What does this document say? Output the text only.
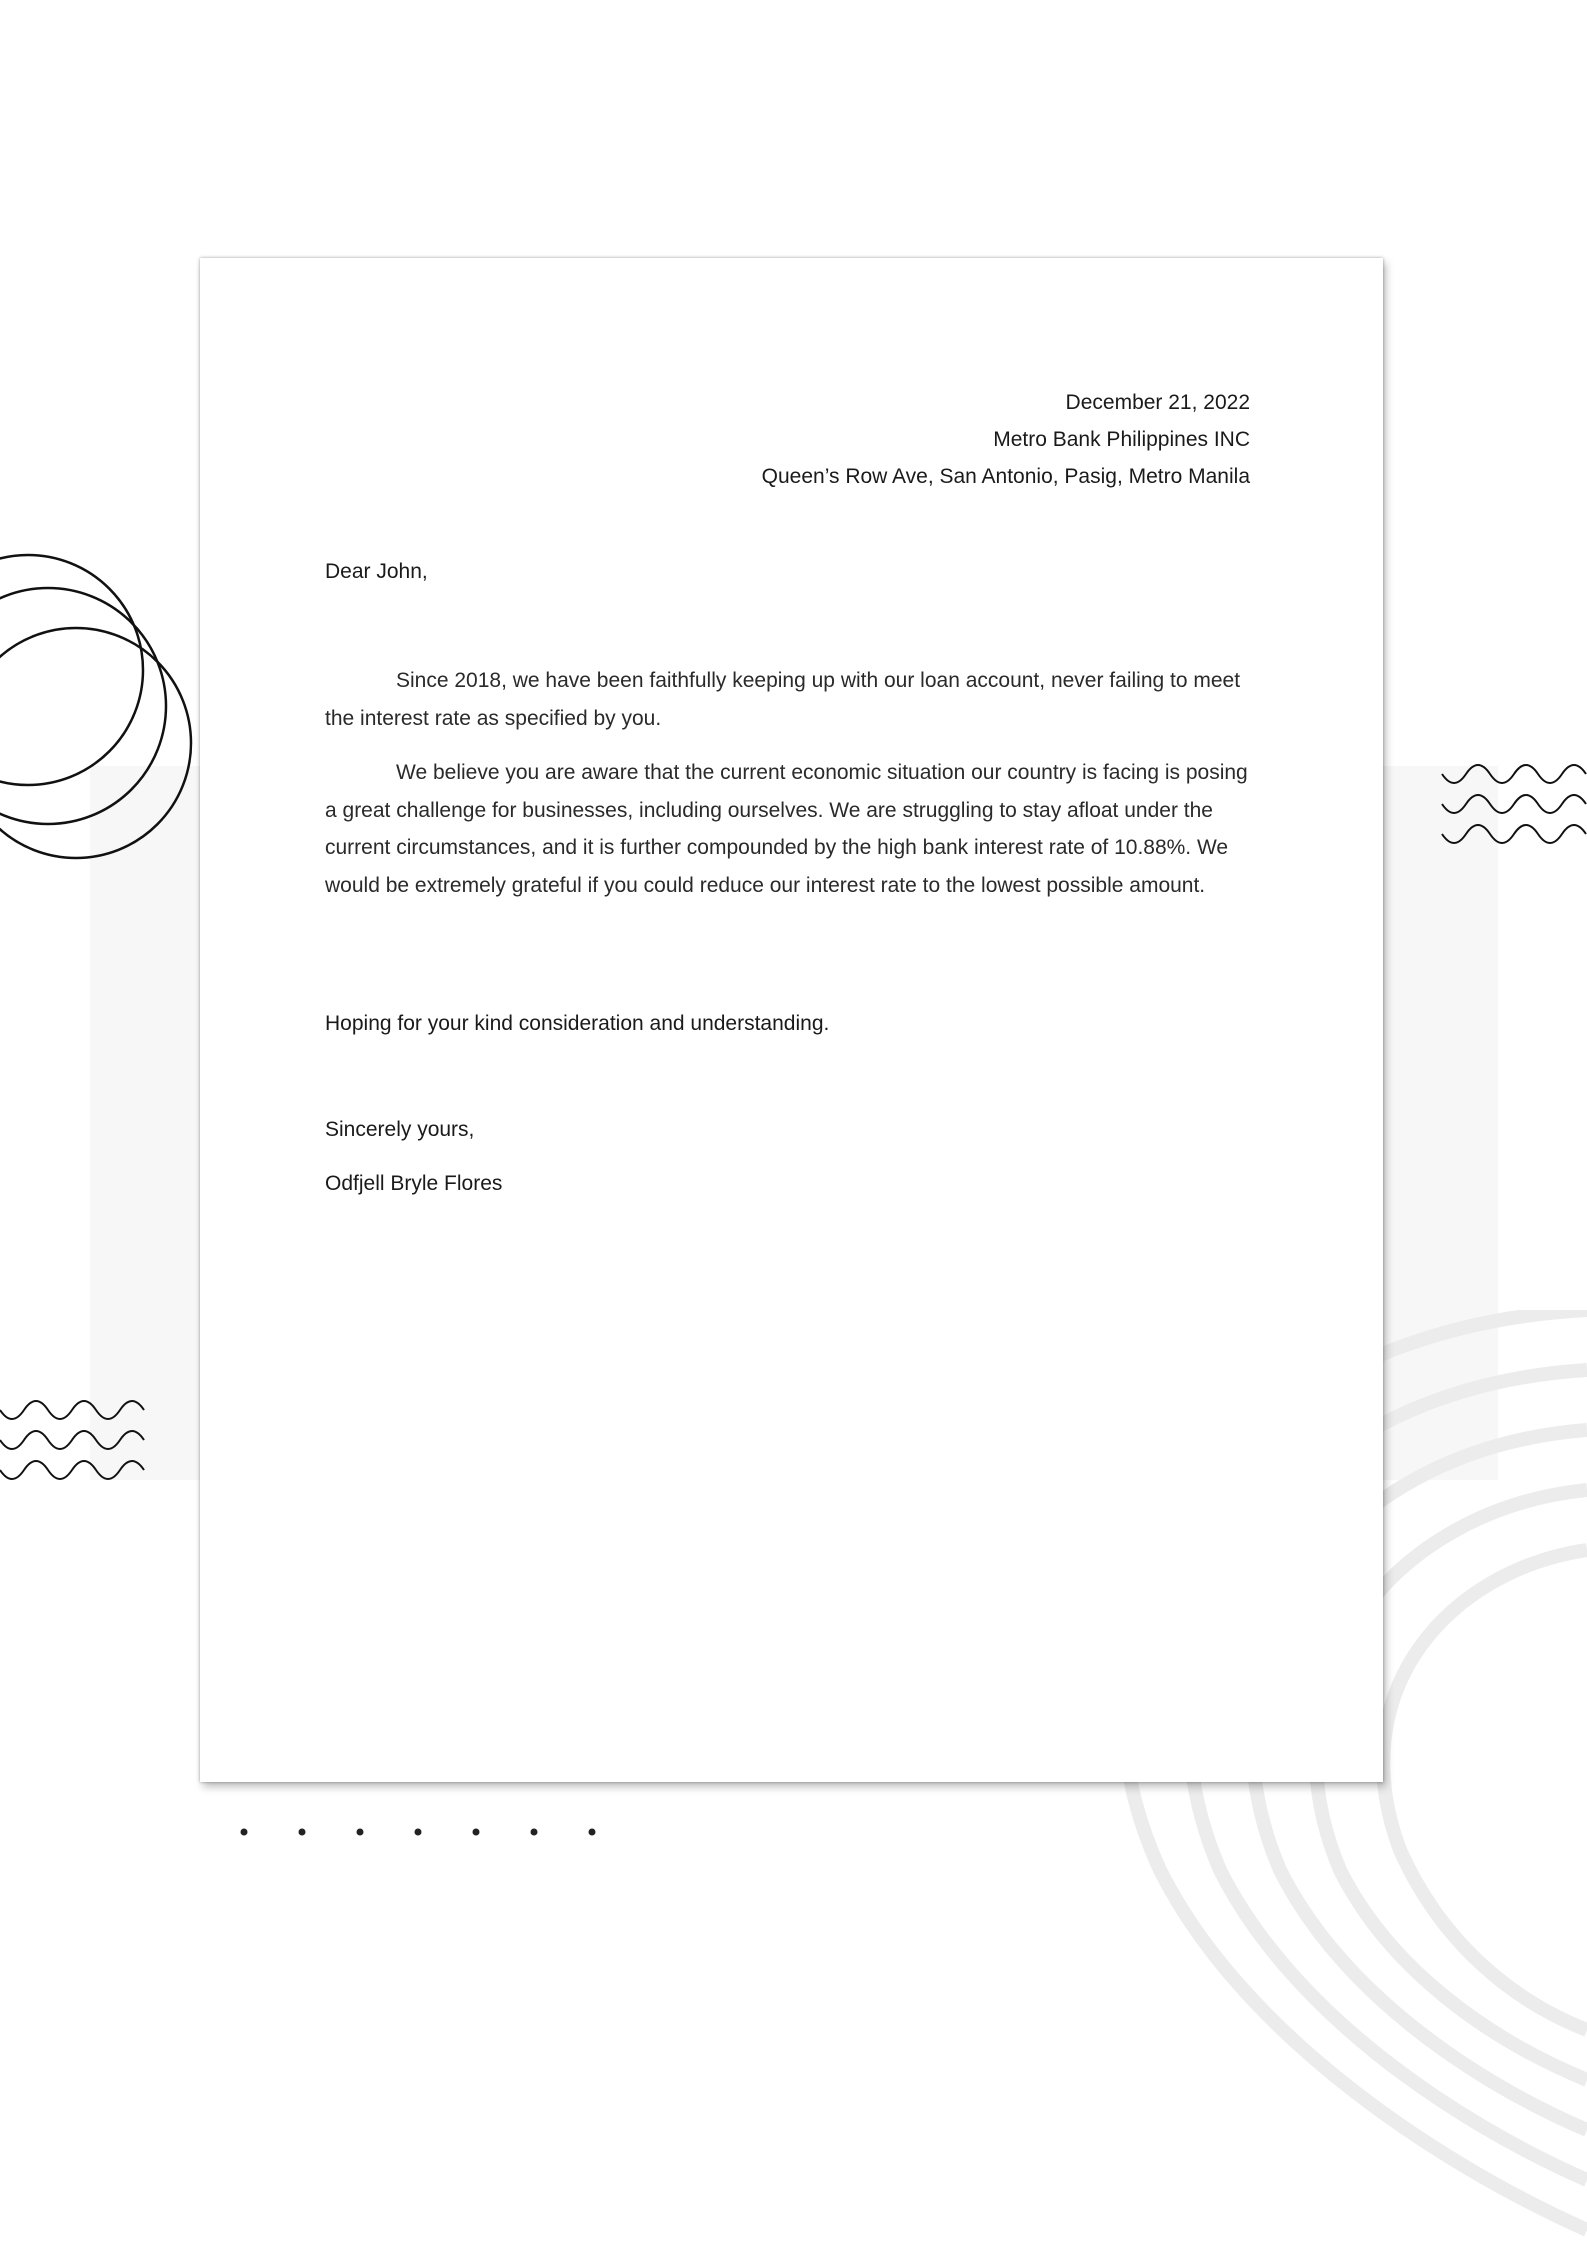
December 21, 2022
Metro Bank Philippines INC
Queen’s Row Ave, San Antonio, Pasig, Metro Manila
Dear John,

Since 2018, we have been faithfully keeping up with our loan account, never failing to meet the interest rate as specified by you.

We believe you are aware that the current economic situation our country is facing is posing a great challenge for businesses, including ourselves. We are struggling to stay afloat under the current circumstances, and it is further compounded by the high bank interest rate of 10.88%. We would be extremely grateful if you could reduce our interest rate to the lowest possible amount.

Hoping for your kind consideration and understanding.
Sincerely yours,
Odfjell Bryle Flores
